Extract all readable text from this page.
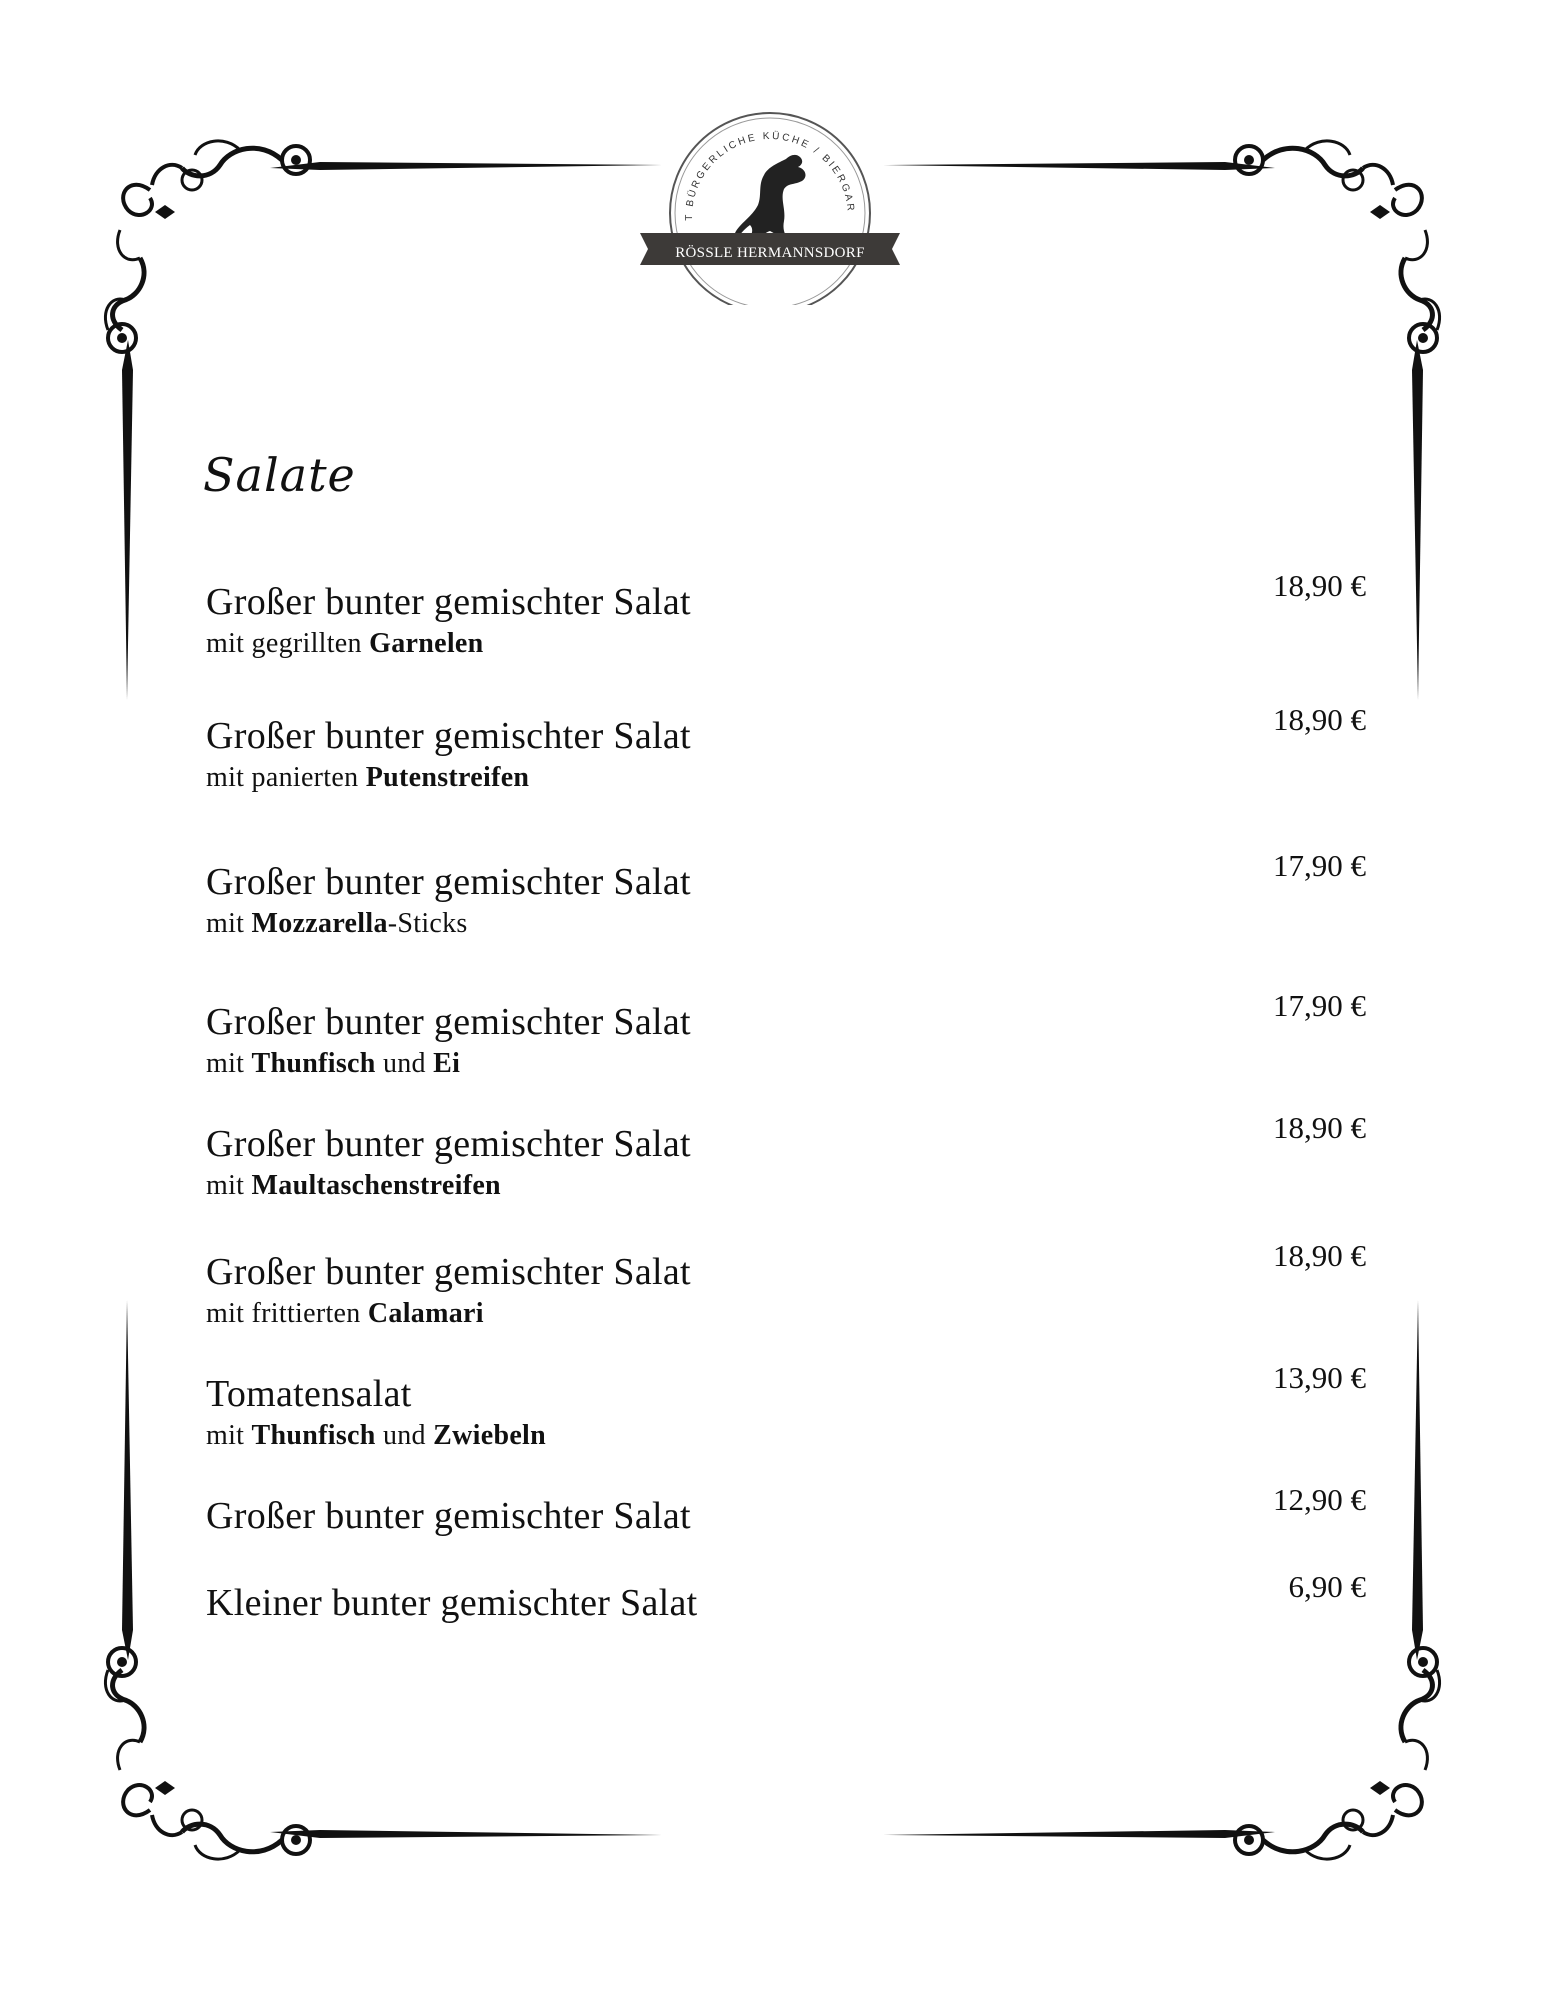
T BÜRGERLICHE KÜCHE / BIERGAR
RÖSSLE HERMANNSDORF
Salate
Großer bunter gemischter Salat
mit gegrillten Garnelen
18,90 €
Großer bunter gemischter Salat
mit panierten Putenstreifen
18,90 €
Großer bunter gemischter Salat
mit Mozzarella-Sticks
17,90 €
Großer bunter gemischter Salat
mit Thunfisch und Ei
17,90 €
Großer bunter gemischter Salat
mit Maultaschenstreifen
18,90 €
Großer bunter gemischter Salat
mit frittierten Calamari
18,90 €
Tomatensalat
mit Thunfisch und Zwiebeln
13,90 €
Großer bunter gemischter Salat	12,90 €
Kleiner bunter gemischter Salat	6,90 €
